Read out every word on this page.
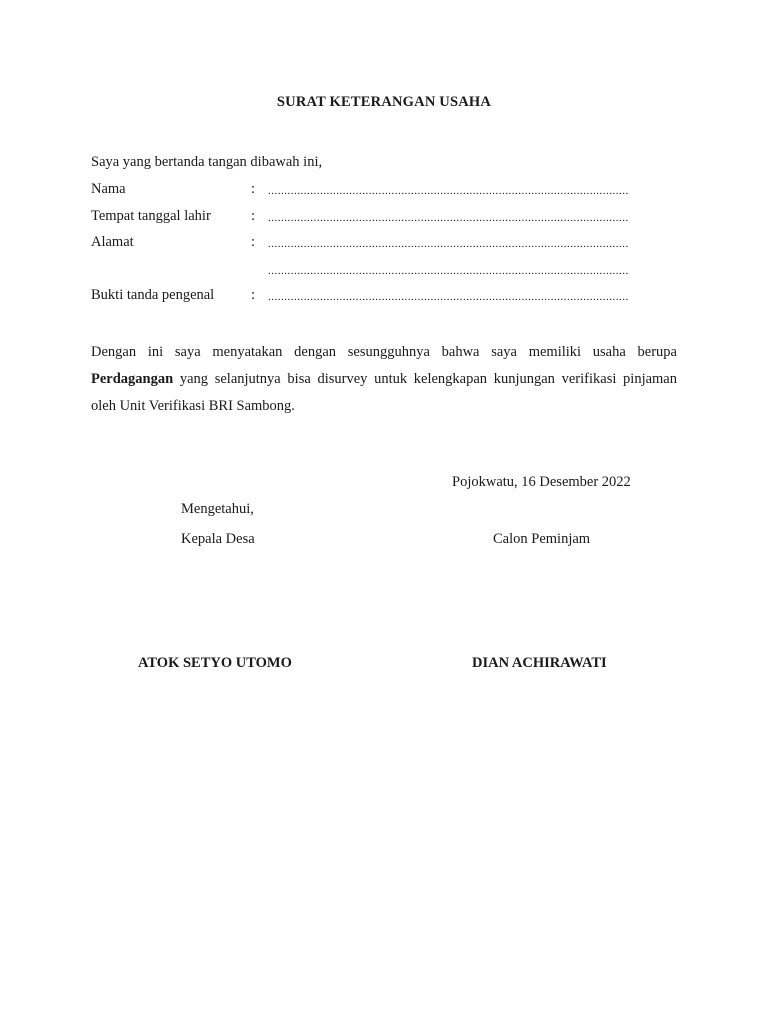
SURAT KETERANGAN USAHA
Saya yang bertanda tangan dibawah ini,
Nama	: ...............................................................................................................
Tempat tanggal lahir	: ...............................................................................................................
Alamat	: ...............................................................................................................
...............................................................................................................
Bukti tanda pengenal	: ...............................................................................................................
Dengan ini saya menyatakan dengan sesungguhnya bahwa saya memiliki usaha berupa Perdagangan yang selanjutnya bisa disurvey untuk kelengkapan kunjungan verifikasi pinjaman oleh Unit Verifikasi BRI Sambong.
Pojokwatu, 16 Desember 2022
Mengetahui,
Kepala Desa	Calon Peminjam
ATOK SETYO UTOMO	DIAN ACHIRAWATI
